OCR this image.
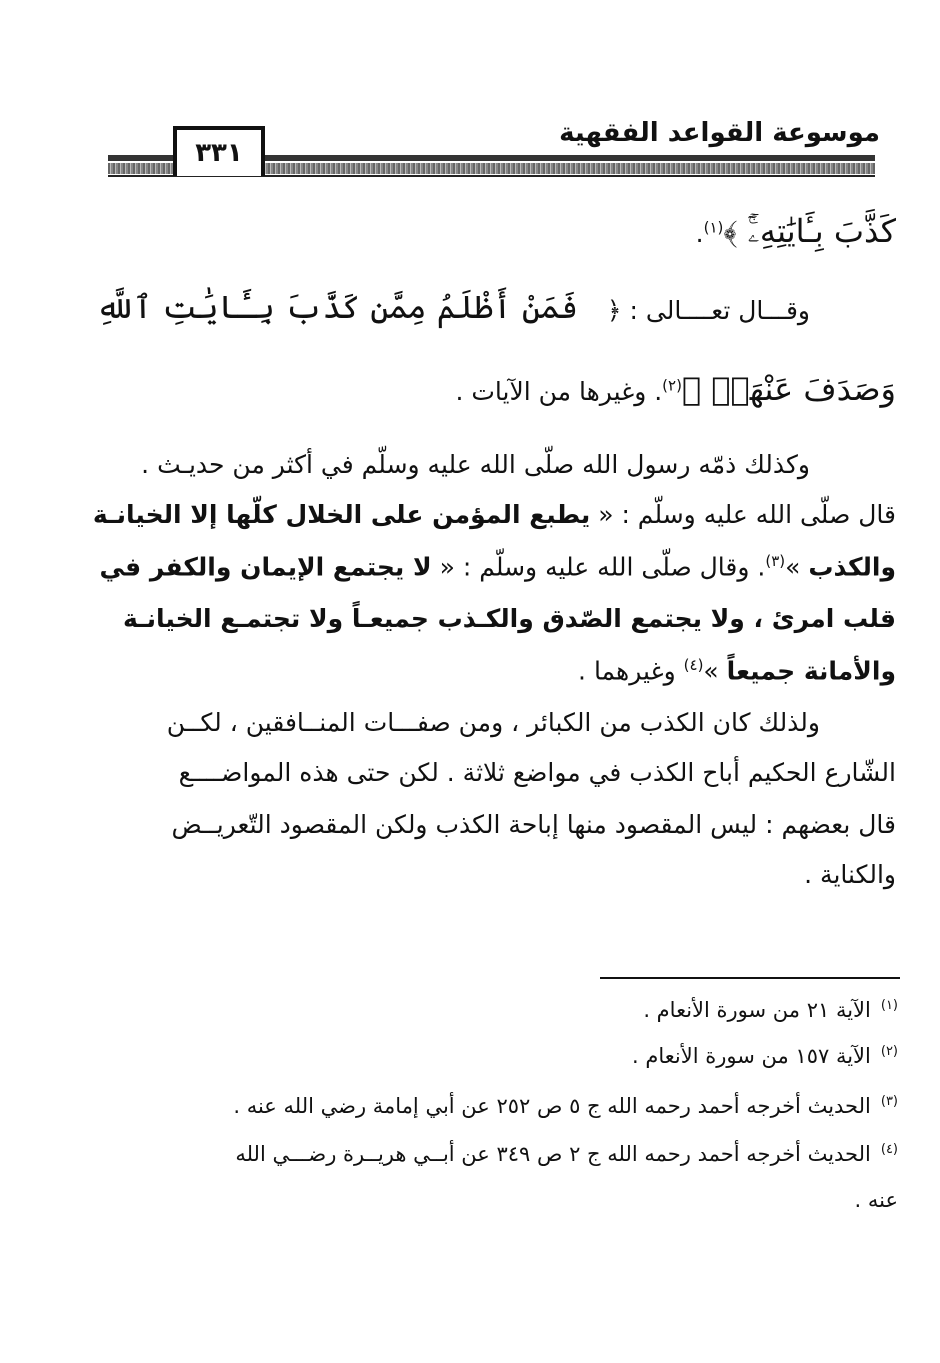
موسوعة القواعد الفقهية
٣٣١
كَذَّبَ بِـَٔايَٰتِهِۦٓۚ ﴾$^{(١)}$.
وقـــال تعــــالى : ﴿
فَمَنْ أَظْلَمُ مِمَّن كَذَّبَ بِـَٔايَٰتِ ٱللَّهِ
وَصَدَفَ عَنْهَاۗ ﴾$^{(٢)}$. وغيرها من الآيات .
وكذلك ذمّه رسول الله صلّى الله عليه وسلّم في أكثر من حديـث .
قال صلّى الله عليه وسلّم : « يطبع المؤمن على الخلال كلّها إلا الخيانـة
والكذب »$^{(٣)}$. وقال صلّى الله عليه وسلّم : « لا يجتمع الإيمان والكفر في
قلب امرئ ، ولا يجتمع الصّدق والكـذب جميعـاً ولا تجتمـع الخيانـة
والأمانة جميعاً »$^{(٤)}$ وغيرهما .
ولذلك كان الكذب من الكبائر ، ومن صفـــات المنــافقين ، لكــن
الشّارع الحكيم أباح الكذب في مواضع ثلاثة . لكن حتى هذه المواضــــع
قال بعضهم : ليس المقصود منها إباحة الكذب ولكن المقصود التّعريــض
والكناية .
$^{(١)}$الآية ٢١ من سورة الأنعام .
$^{(٢)}$الآية ١٥٧ من سورة الأنعام .
$^{(٣)}$الحديث أخرجه أحمد رحمه الله ج ٥ ص ٢٥٢ عن أبي إمامة رضي الله عنه .
$^{(٤)}$الحديث أخرجه أحمد رحمه الله ج ٢ ص ٣٤٩ عن أبــي هريــرة رضـــي الله
عنه .
